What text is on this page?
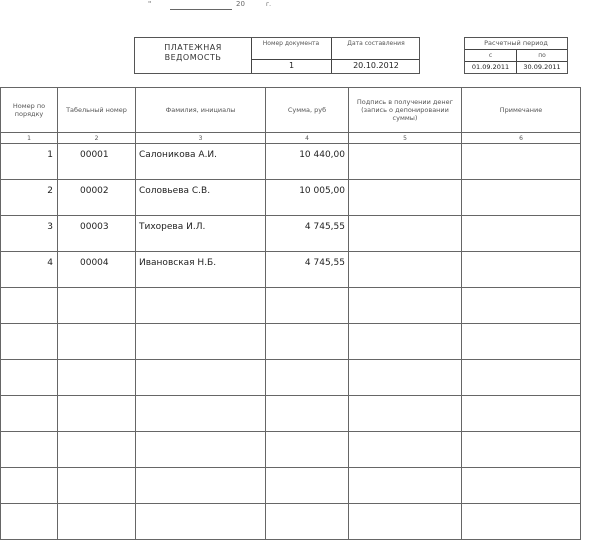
"	20	г.
ПЛАТЕЖНАЯ
ВЕДОМОСТЬ
Номер документа	Дата составления
1	20.10.2012
Расчетный период
с	по
01.09.2011	30.09.2011
Номер по порядку	Табельный номер	Фамилия, инициалы	Сумма, руб	Подпись в получении денег (запись о депонировании суммы)	Примечание
1	2	3	4	5	6
1	00001	Салоникова А.И.	10 440,00		
2	00002	Соловьева С.В.	10 005,00		
3	00003	Тихорева И.Л.	4 745,55		
4	00004	Ивановская Н.Б.	4 745,55		
